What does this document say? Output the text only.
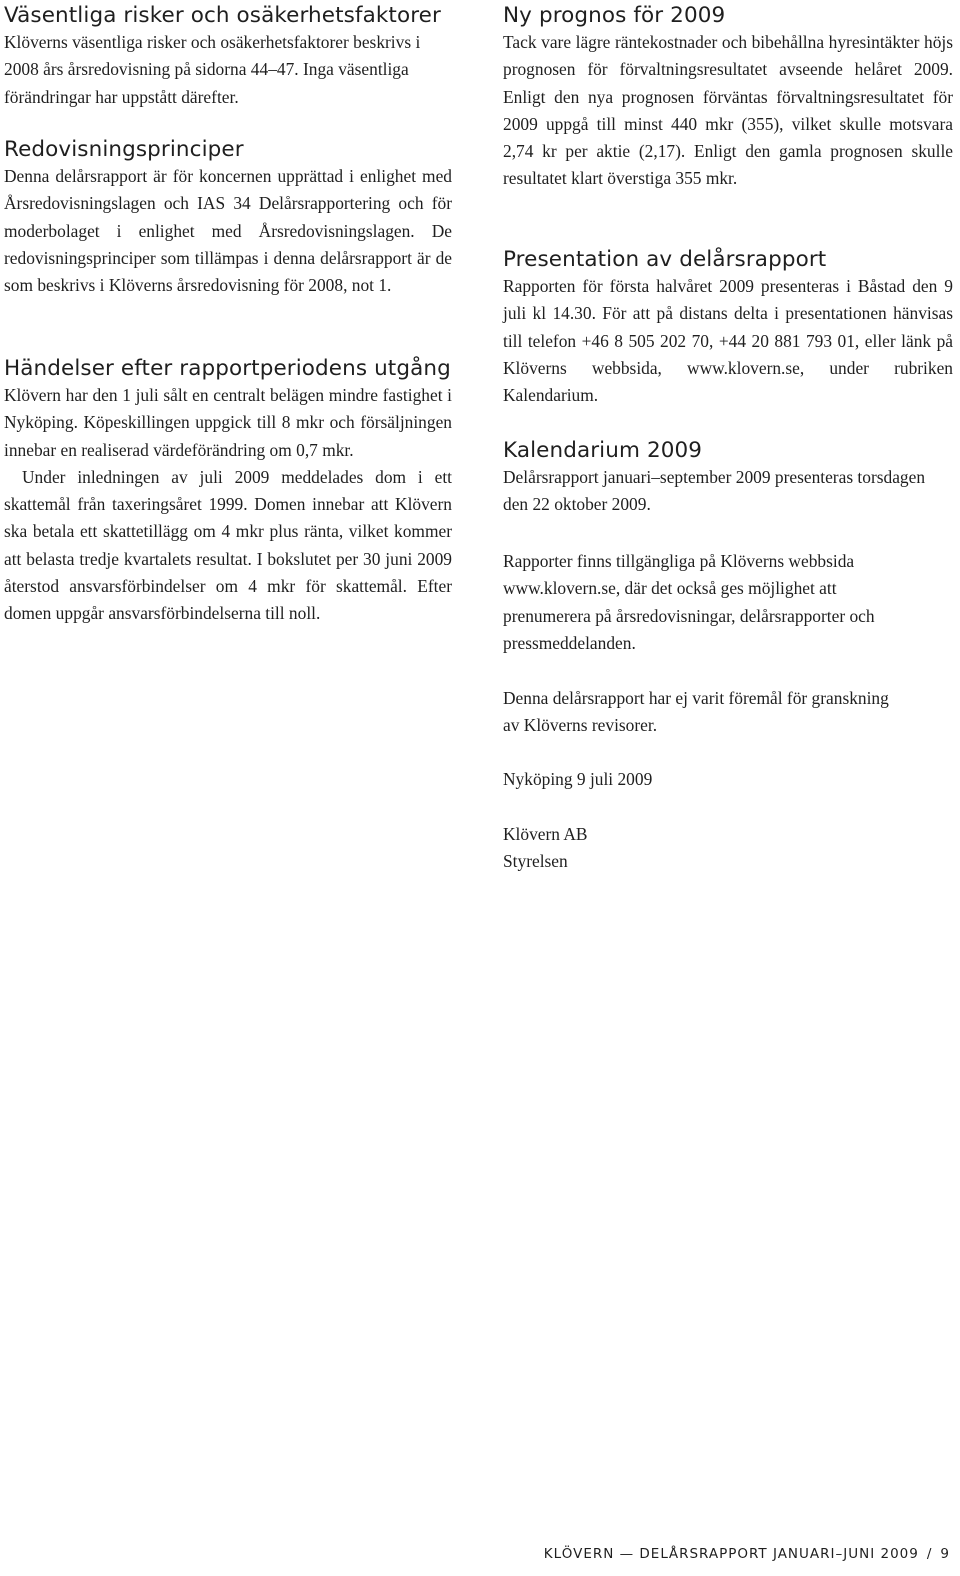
Väsentliga risker och osäkerhetsfaktorer

Klöverns väsentliga risker och osäkerhetsfaktorer beskrivs i 2008 års årsredovisning på sidorna 44–47. Inga väsentliga förändringar har uppstått därefter.

Redovisningsprinciper

Denna delårsrapport är för koncernen upprättad i enlighet med Årsredovisningslagen och IAS 34 Delårsrapportering och för moderbolaget i enlighet med Årsredovisningslagen. De redovisningsprinciper som tillämpas i denna delårsrapport är de som beskrivs i Klöverns årsredovisning för 2008, not 1.

Händelser efter rapportperiodens utgång

Klövern har den 1 juli sålt en centralt belägen mindre fastighet i Nyköping. Köpeskillingen uppgick till 8 mkr och försäljningen innebar en realiserad värdeförändring om 0,7 mkr.

Under inledningen av juli 2009 meddelades dom i ett skattemål från taxeringsåret 1999. Domen innebar att Klövern ska betala ett skattetillägg om 4 mkr plus ränta, vilket kommer att belasta tredje kvartalets resultat. I bokslutet per 30 juni 2009 återstod ansvarsförbindelser om 4 mkr för skattemål. Efter domen uppgår ansvarsförbindelserna till noll.

Ny prognos för 2009

Tack vare lägre räntekostnader och bibehållna hyresintäkter höjs prognosen för förvaltningsresultatet avseende helåret 2009. Enligt den nya prognosen förväntas förvaltningsresultatet för 2009 uppgå till minst 440 mkr (355), vilket skulle motsvara 2,74 kr per aktie (2,17). Enligt den gamla prognosen skulle resultatet klart överstiga 355 mkr.

Presentation av delårsrapport

Rapporten för första halvåret 2009 presenteras i Båstad den 9 juli kl 14.30. För att på distans delta i presentationen hänvisas till telefon +46 8 505 202 70, +44 20 881 793 01, eller länk på Klöverns webbsida, www.klovern.se, under rubriken Kalendarium.

Kalendarium 2009

Delårsrapport januari–september 2009 presenteras torsdagen den 22 oktober 2009.

Rapporter finns tillgängliga på Klöverns webbsida www.klovern.se, där det också ges möjlighet att prenumerera på årsredovisningar, delårsrapporter och pressmeddelanden.

Denna delårsrapport har ej varit föremål för granskning av Klöverns revisorer.

Nyköping 9 juli 2009

Klövern AB

Styrelsen

KLÖVERN — DELÅRSRAPPORT JANUARI–JUNI 2009 / 9
